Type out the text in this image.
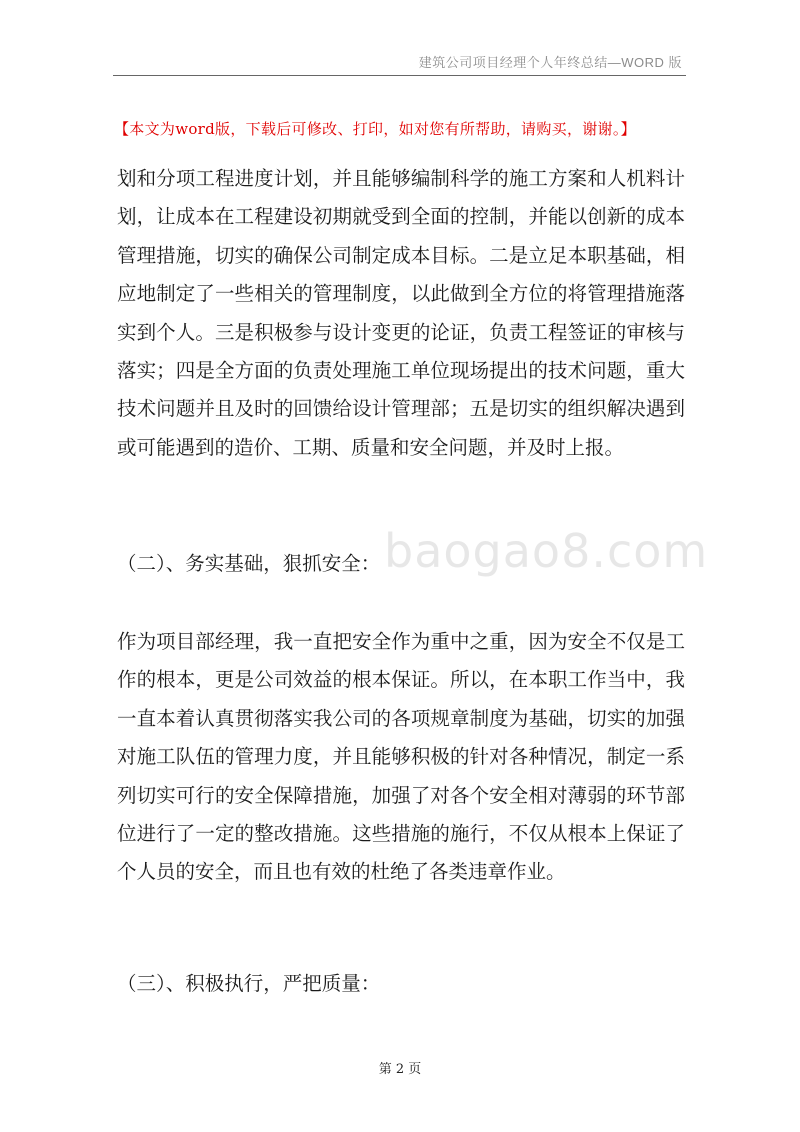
建筑公司项目经理个人年终总结—WORD 版
【本文为word版，下载后可修改、打印，如对您有所帮助，请购买，谢谢。】

划和分项工程进度计划，并且能够编制科学的施工方案和人机料计划，让成本在工程建设初期就受到全面的控制，并能以创新的成本管理措施，切实的确保公司制定成本目标。二是立足本职基础，相应地制定了一些相关的管理制度，以此做到全方位的将管理措施落实到个人。三是积极参与设计变更的论证，负责工程签证的审核与落实；四是全方面的负责处理施工单位现场提出的技术问题，重大技术问题并且及时的回馈给设计管理部；五是切实的组织解决遇到或可能遇到的造价、工期、质量和安全问题，并及时上报。

baogao8.com
（二）、务实基础，狠抓安全：

作为项目部经理，我一直把安全作为重中之重，因为安全不仅是工作的根本，更是公司效益的根本保证。所以，在本职工作当中，我一直本着认真贯彻落实我公司的各项规章制度为基础，切实的加强对施工队伍的管理力度，并且能够积极的针对各种情况，制定一系列切实可行的安全保障措施，加强了对各个安全相对薄弱的环节部位进行了一定的整改措施。这些措施的施行，不仅从根本上保证了个人员的安全，而且也有效的杜绝了各类违章作业。

（三）、积极执行，严把质量：
第 2 页
